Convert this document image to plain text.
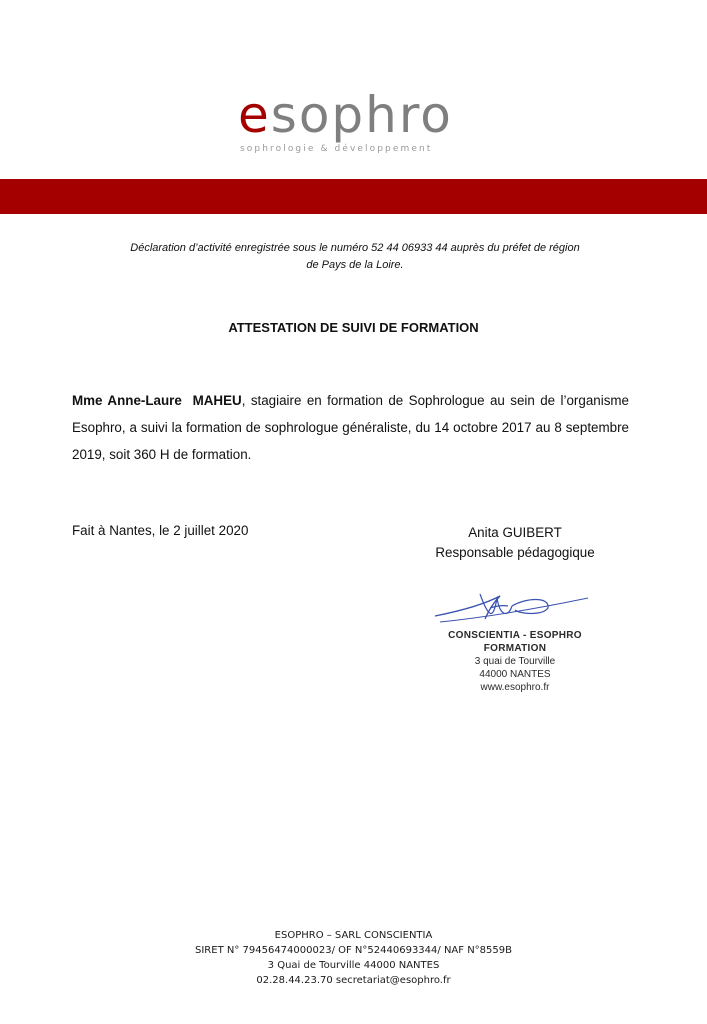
esophro
sophrologie & développement
Déclaration d’activité enregistrée sous le numéro 52 44 06933 44 auprès du préfet de région
de Pays de la Loire.
ATTESTATION DE SUIVI DE FORMATION
Mme Anne-Laure  MAHEU, stagiaire en formation de Sophrologue au sein de l’organisme Esophro, a suivi la formation de sophrologue généraliste, du 14 octobre 2017 au 8 septembre 2019, soit 360 H de formation.
Fait à Nantes, le 2 juillet 2020	Anita GUIBERT
Responsable pédagogique
CONSCIENTIA - ESOPHRO
FORMATION
3 quai de Tourville
44000 NANTES
www.esophro.fr
ESOPHRO – SARL CONSCIENTIA
SIRET N° 79456474000023/ OF N°52440693344/ NAF N°8559B
3 Quai de Tourville 44000 NANTES
02.28.44.23.70 secretariat@esophro.fr
